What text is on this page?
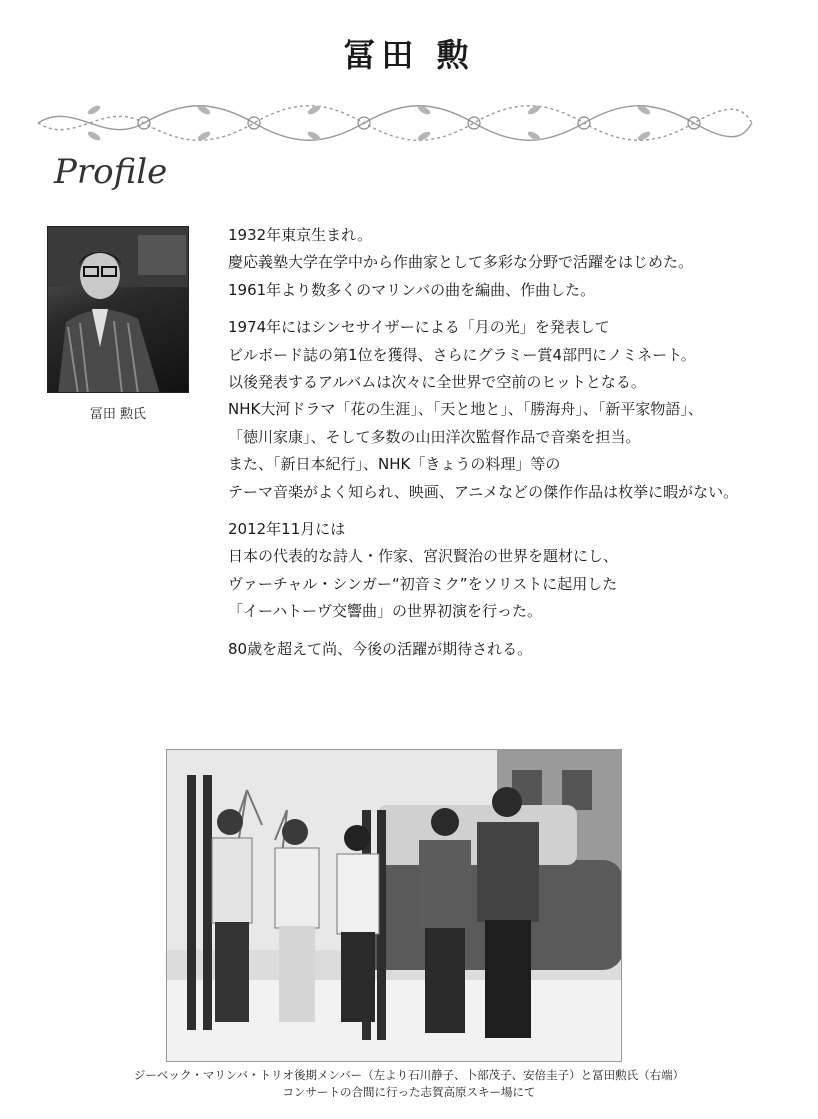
冨田 勲
Profile
冨田 勲氏

1932年東京生まれ。
慶応義塾大学在学中から作曲家として多彩な分野で活躍をはじめた。
1961年より数多くのマリンバの曲を編曲、作曲した。

1974年にはシンセサイザーによる「月の光」を発表して
ビルボード誌の第1位を獲得、さらにグラミー賞4部門にノミネート。
以後発表するアルバムは次々に全世界で空前のヒットとなる。
NHK大河ドラマ「花の生涯」、「天と地と」、「勝海舟」、「新平家物語」、
「徳川家康」、そして多数の山田洋次監督作品で音楽を担当。
また、「新日本紀行」、NHK「きょうの料理」等の
テーマ音楽がよく知られ、映画、アニメなどの傑作作品は枚挙に暇がない。

2012年11月には
日本の代表的な詩人・作家、宮沢賢治の世界を題材にし、
ヴァーチャル・シンガー“初音ミク”をソリストに起用した
「イーハトーヴ交響曲」の世界初演を行った。

80歳を超えて尚、今後の活躍が期待される。

ジーベック・マリンバ・トリオ後期メンバー（左より石川静子、卜部茂子、安倍圭子）と冨田勲氏（右端）
コンサートの合間に行った志賀高原スキー場にて
